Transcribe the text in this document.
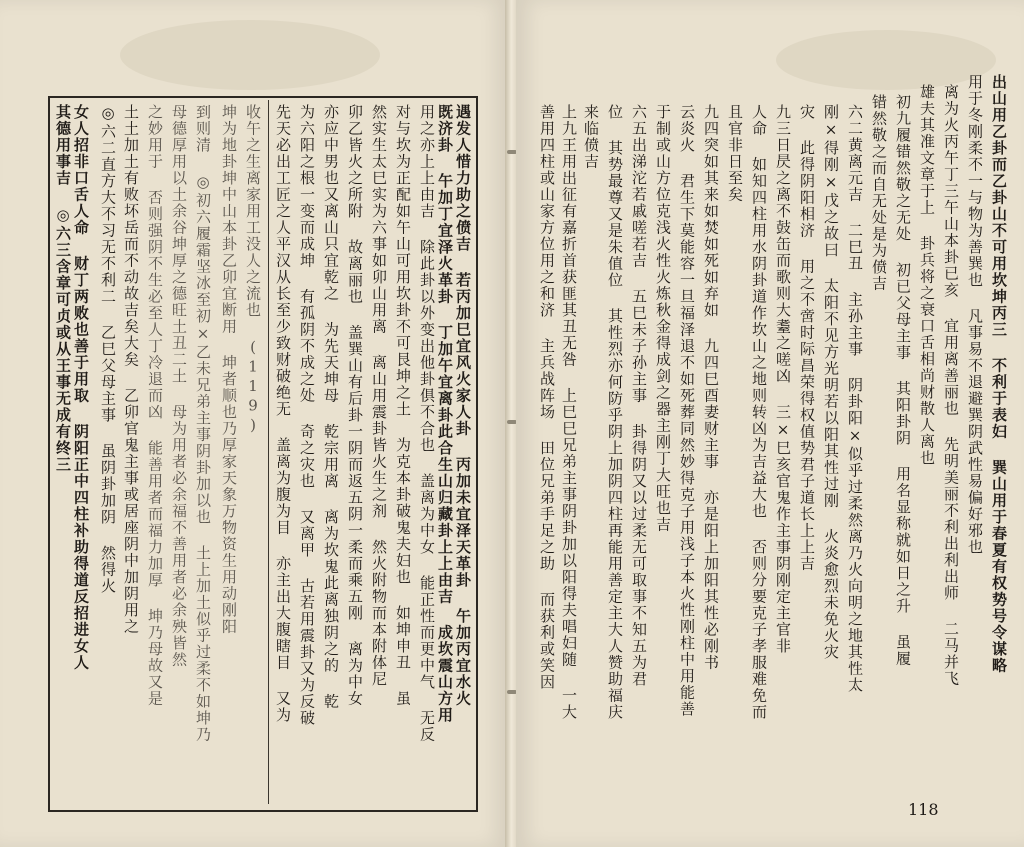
其德用事吉 ◎六三含章可贞或从王事无成有终三 女人招非口舌人命 财丁两败也善于用取 阴阳正中四柱补助得道反招进女人 ◎六二直方大不习无不利二 乙巳父母主事 虽阴卦加阴 然得火 土土加土有败坏岳而不动故吉矣大矣 乙卯官鬼主事或居座阴中加阴用之 之妙用于 否则强阴不生必至人丁冷退而凶 能善用者而福力加厚 坤乃母故又是 母德厚用以土余谷坤厚之德旺土丑二土 母为用者必余福不善用者必余殃皆然 到则清 ◎初六履霜坚冰至初×乙未兄弟主事阴卦加以也 土上加土似乎过柔不如坤乃 坤为地卦坤中山本卦乙卯宜断用 坤者顺也乃厚家天象万物资生用动刚阳 收午之生离家用工没人之流也 (119) 先天必出工匠之人平汉从长至少致财破绝无 盖离为腹为目 亦主出大腹瞎目 又为 为六阳之根一变而成坤 有孤阴不成之处 奇之灾也 又离甲 古若用震卦又为反破 亦应中男也又离山只宜乾之 为先天坤母 乾宗用离 离为坎鬼此离独阴之的 乾 卯乙皆火之所附 故离丽也 盖巽山有后卦一阴而返五阴一柔而乘五刚 离为中女 然实生太巳实为六事如卯山用离 离山用震卦皆火生之剂 然火附物而本附体尼 对与坎为正配如午山可用坎卦不可艮坤之土 为克本卦破鬼夫妇也 如坤申丑 虽 用之亦上上由吉 除此卦以外变出他卦俱不合也 盖离为中女 能正性而更中气 无反 既济卦 午加丁宜泽火革卦 丁加午宜离卦此合生山归藏卦上上由吉 成坎震山方用 遇发人惜力助之偾吉 若丙加巳宜风火家人卦 丙加未宜泽天革卦 午加丙宜水火	出山用乙卦而乙卦山不可用坎坤丙三 不利于表妇 巽山用于春夏有权势号令谋略
用于冬刚柔不一与物为善巽也 凡事易不退避巽阴武性易偏好邪也
离为火丙午丁三午山本卦已亥 宜用离善丽也 先明美丽不利出利出师 二马并飞
雄夫其准文章于上 卦兵将之衰口舌相尚财散人离也
初九履错然敬之无处 初已父母主事 其阳卦阴 用名显称就如日之升 虽履
错然敬之而自无处是为偾吉
六二黄离元吉 二巳丑 主孙主事 阴卦阳×似乎过柔然离乃火向明之地其性太
刚×得刚×戊之故曰 太阳不见方光明若以阳其性过刚 火炎愈烈未免火灾
灾 此得阴阳相济 用之不啻时际昌荣得权值势君子道长上上吉
九三日昃之离不鼓缶而歌则大耋之嗟凶 三×巳亥官鬼作主事阴刚定主官非
人命 如知四柱用水阴卦道作坎山之地则转凶为吉益大也 否则分要克子孝服难免而
且官非日至矣
九四突如其来如焚如死如弃如 九四巳酉妻财主事 亦是阳上加阳其性必刚书
云炎火 君生下莫能容一旦福泽退不如死葬同然妙得克子用浅子本火性刚柱中用能善
于制或山方位克浅火性火炼秋金得成剑之器主刚丁大旺也吉
六五出涕沱若戚嗟若吉 五巳未子孙主事 卦得阴又以过柔无可取事不知五为君
位 其势最尊又是朱值位 其性烈亦何防乎阴上加阴四柱再能用善定主大人赞助福庆
来临偾吉
上九王用出征有嘉折首获匪其丑无咎 上巳巳兄弟主事阴卦加以阳得夫唱妇随 一大
善用四柱或山家方位用之和济 主兵战阵场 田位兄弟手足之助 而获利或笑因
118
